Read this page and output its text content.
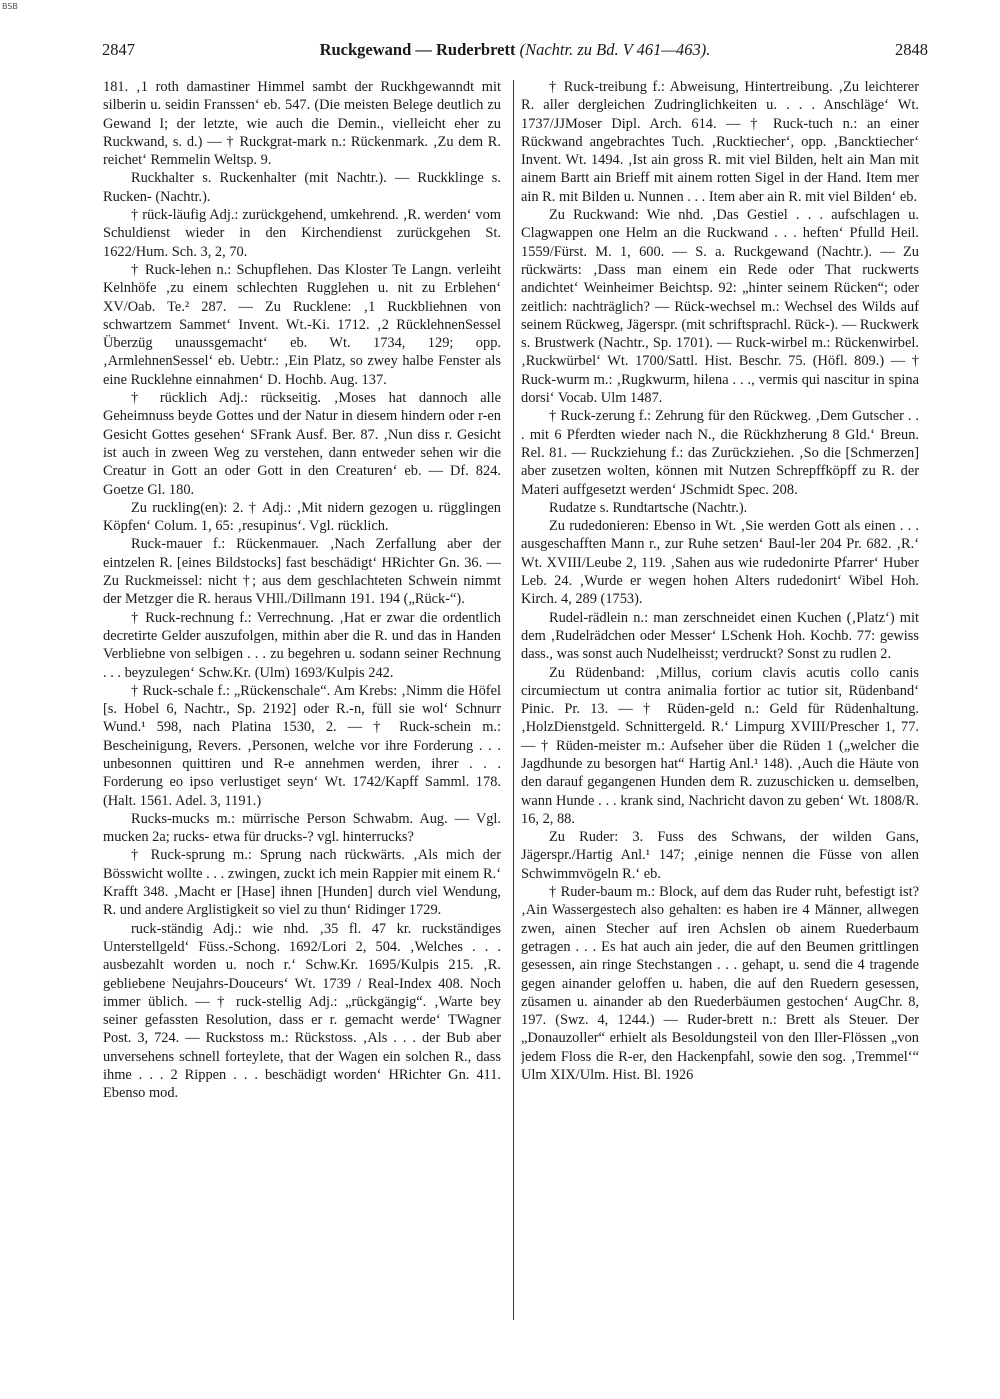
BSB
2847	Ruckgewand — Ruderbrett (Nachtr. zu Bd. V 461—463).	2848

181. ‚1 roth damastiner Himmel sambt der Ruckhgewanndt mit silberin u. seidin Franssen‘ eb. 547. (Die meisten Belege deutlich zu Gewand I; der letzte, wie auch die Demin., vielleicht eher zu Ruckwand, s. d.) — † Ruckgrat-mark n.: Rückenmark. ‚Zu dem R. reichet‘ Remmelin Weltsp. 9.

Ruckhalter s. Ruckenhalter (mit Nachtr.). — Ruckklinge s. Rucken- (Nachtr.).

† rück-läufig Adj.: zurückgehend, umkehrend. ‚R. werden‘ vom Schuldienst wieder in den Kirchendienst zurückgehen St. 1622/Hum. Sch. 3, 2, 70.

† Ruck-lehen n.: Schupflehen. Das Kloster Te Langn. verleiht Kelnhöfe ‚zu einem schlechten Rugglehen u. nit zu Erblehen‘ XV/Oab. Te.² 287. — Zu Rucklene: ‚1 Ruckbliehnen von schwartzem Sammet‘ Invent. Wt.-Ki. 1712. ‚2 RücklehnenSessel Überzüg unaussgemacht‘ eb. Wt. 1734, 129; opp. ‚ArmlehnenSessel‘ eb. Uebtr.: ‚Ein Platz, so zwey halbe Fenster als eine Rucklehne einnahmen‘ D. Hochb. Aug. 137.

† rücklich Adj.: rückseitig. ‚Moses hat dannoch alle Geheimnuss beyde Gottes und der Natur in diesem hindern oder r-en Gesicht Gottes gesehen‘ SFrank Ausf. Ber. 87. ‚Nun diss r. Gesicht ist auch in zween Weg zu verstehen, dann entweder sehen wir die Creatur in Gott an oder Gott in den Creaturen‘ eb. — Df. 824. Goetze Gl. 180.

Zu ruckling(en): 2. † Adj.: ‚Mit nidern gezogen u. rügglingen Köpfen‘ Colum. 1, 65: ‚resupinus‘. Vgl. rücklich.

Ruck-mauer f.: Rückenmauer. ‚Nach Zerfallung aber der eintzelen R. [eines Bildstocks] fast beschädigt‘ HRichter Gn. 36. — Zu Ruckmeissel: nicht †; aus dem geschlachteten Schwein nimmt der Metzger die R. heraus VHll./Dillmann 191. 194 („Rück-“).

† Ruck-rechnung f.: Verrechnung. ‚Hat er zwar die ordentlich decretirte Gelder auszufolgen, mithin aber die R. und das in Handen Verbliebne von selbigen . . . zu begehren u. sodann seiner Rechnung . . . beyzulegen‘ Schw.Kr. (Ulm) 1693/Kulpis 242.

† Ruck-schale f.: „Rückenschale“. Am Krebs: ‚Nimm die Höfel [s. Hobel 6, Nachtr., Sp. 2192] oder R.-n, füll sie wol‘ Schnurr Wund.¹ 598, nach Platina 1530, 2. — † Ruck-schein m.: Bescheinigung, Revers. ‚Personen, welche vor ihre Forderung . . . unbesonnen quittiren und R-e annehmen werden, ihrer . . . Forderung eo ipso verlustiget seyn‘ Wt. 1742/Kapff Samml. 178. (Halt. 1561. Adel. 3, 1191.)

Rucks-mucks m.: mürrische Person Schwabm. Aug. — Vgl. mucken 2a; rucks- etwa für drucks-? vgl. hinterrucks?

† Ruck-sprung m.: Sprung nach rückwärts. ‚Als mich der Bösswicht wollte . . . zwingen, zuckt ich mein Rappier mit einem R.‘ Krafft 348. ‚Macht er [Hase] ihnen [Hunden] durch viel Wendung, R. und andere Arglistigkeit so viel zu thun‘ Ridinger 1729.

ruck-ständig Adj.: wie nhd. ‚35 fl. 47 kr. ruckständiges Unterstellgeld‘ Füss.-Schong. 1692/Lori 2, 504. ‚Welches . . . ausbezahlt worden u. noch r.‘ Schw.Kr. 1695/Kulpis 215. ‚R. gebliebene Neujahrs-Douceurs‘ Wt. 1739 / Real-Index 408. Noch immer üblich. — † ruck-stellig Adj.: „rückgängig“. ‚Warte bey seiner gefassten Resolution, dass er r. gemacht werde‘ TWagner Post. 3, 724. — Ruckstoss m.: Rückstoss. ‚Als . . . der Bub aber unversehens schnell forteylete, that der Wagen ein solchen R., dass ihme . . . 2 Rippen . . . beschädigt worden‘ HRichter Gn. 411. Ebenso mod.

† Ruck-treibung f.: Abweisung, Hintertreibung. ‚Zu leichterer R. aller dergleichen Zudringlichkeiten u. . . . Anschläge‘ Wt. 1737/JJMoser Dipl. Arch. 614. — † Ruck-tuch n.: an einer Rückwand angebrachtes Tuch. ‚Rucktiecher‘, opp. ‚Bancktiecher‘ Invent. Wt. 1494. ‚Ist ain gross R. mit viel Bilden, helt ain Man mit ainem Bartt ain Brieff mit ainem rotten Sigel in der Hand. Item mer ain R. mit Bilden u. Nunnen . . . Item aber ain R. mit viel Bilden‘ eb.

Zu Ruckwand: Wie nhd. ‚Das Gestiel . . . aufschlagen u. Clagwappen one Helm an die Ruckwand . . . heften‘ Pfulld Heil. 1559/Fürst. M. 1, 600. — S. a. Ruckgewand (Nachtr.). — Zu rückwärts: ‚Dass man einem ein Rede oder That ruckwerts andichtet‘ Weinheimer Beichtsp. 92: „hinter seinem Rücken“; oder zeitlich: nachträglich? — Rück-wechsel m.: Wechsel des Wilds auf seinem Rückweg, Jägerspr. (mit schriftsprachl. Rück-). — Ruckwerk s. Brustwerk (Nachtr., Sp. 1701). — Ruck-wirbel m.: Rückenwirbel. ‚Ruckwürbel‘ Wt. 1700/Sattl. Hist. Beschr. 75. (Höfl. 809.) — † Ruck-wurm m.: ‚Rugkwurm, hilena . . ., vermis qui nascitur in spina dorsi‘ Vocab. Ulm 1487.

† Ruck-zerung f.: Zehrung für den Rückweg. ‚Dem Gutscher . . . mit 6 Pferdten wieder nach N., die Rückhzherung 8 Gld.‘ Breun. Rel. 81. — Ruckziehung f.: das Zurückziehen. ‚So die [Schmerzen] aber zusetzen wolten, können mit Nutzen Schrepffköpff zu R. der Materi auffgesetzt werden‘ JSchmidt Spec. 208.

Rudatze s. Rundtartsche (Nachtr.).

Zu rudedonieren: Ebenso in Wt. ‚Sie werden Gott als einen . . . ausgeschafften Mann r., zur Ruhe setzen‘ Baul-ler 204 Pr. 682. ‚R.‘ Wt. XVIII/Leube 2, 119. ‚Sahen aus wie rudedonirte Pfarrer‘ Huber Leb. 24. ‚Wurde er wegen hohen Alters rudedonirt‘ Wibel Hoh. Kirch. 4, 289 (1753).

Rudel-rädlein n.: man zerschneidet einen Kuchen (‚Platz‘) mit dem ‚Rudelrädchen oder Messer‘ LSchenk Hoh. Kochb. 77: gewiss dass., was sonst auch Nudelheisst; verdruckt? Sonst zu rudlen 2.

Zu Rüdenband: ‚Millus, corium clavis acutis collo canis circumiectum ut contra animalia fortior ac tutior sit, Rüdenband‘ Pinic. Pr. 13. — † Rüden-geld n.: Geld für Rüdenhaltung. ‚HolzDienstgeld. Schnittergeld. R.‘ Limpurg XVIII/Prescher 1, 77. — † Rüden-meister m.: Aufseher über die Rüden 1 („welcher die Jagdhunde zu besorgen hat“ Hartig Anl.¹ 148). ‚Auch die Häute von den darauf gegangenen Hunden dem R. zuzuschicken u. demselben, wann Hunde . . . krank sind, Nachricht davon zu geben‘ Wt. 1808/R. 16, 2, 88.

Zu Ruder: 3. Fuss des Schwans, der wilden Gans, Jägerspr./Hartig Anl.¹ 147; ‚einige nennen die Füsse von allen Schwimmvögeln R.‘ eb.

† Ruder-baum m.: Block, auf dem das Ruder ruht, befestigt ist? ‚Ain Wassergestech also gehalten: es haben ire 4 Männer, allwegen zwen, ainen Stecher auf iren Achslen ob ainem Ruederbaum getragen . . . Es hat auch ain jeder, die auf den Beumen grittlingen gesessen, ain ringe Stechstangen . . . gehapt, u. send die 4 tragende gegen ainander geloffen u. haben, die auf den Ruedern gesessen, züsamen u. ainander ab den Ruederbäumen gestochen‘ AugChr. 8, 197. (Swz. 4, 1244.) — Ruder-brett n.: Brett als Steuer. Der „Donauzoller“ erhielt als Besoldungsteil von den Iller-Flössen „von jedem Floss die R-er, den Hackenpfahl, sowie den sog. ‚Tremmel‘“ Ulm XIX/Ulm. Hist. Bl. 1926
